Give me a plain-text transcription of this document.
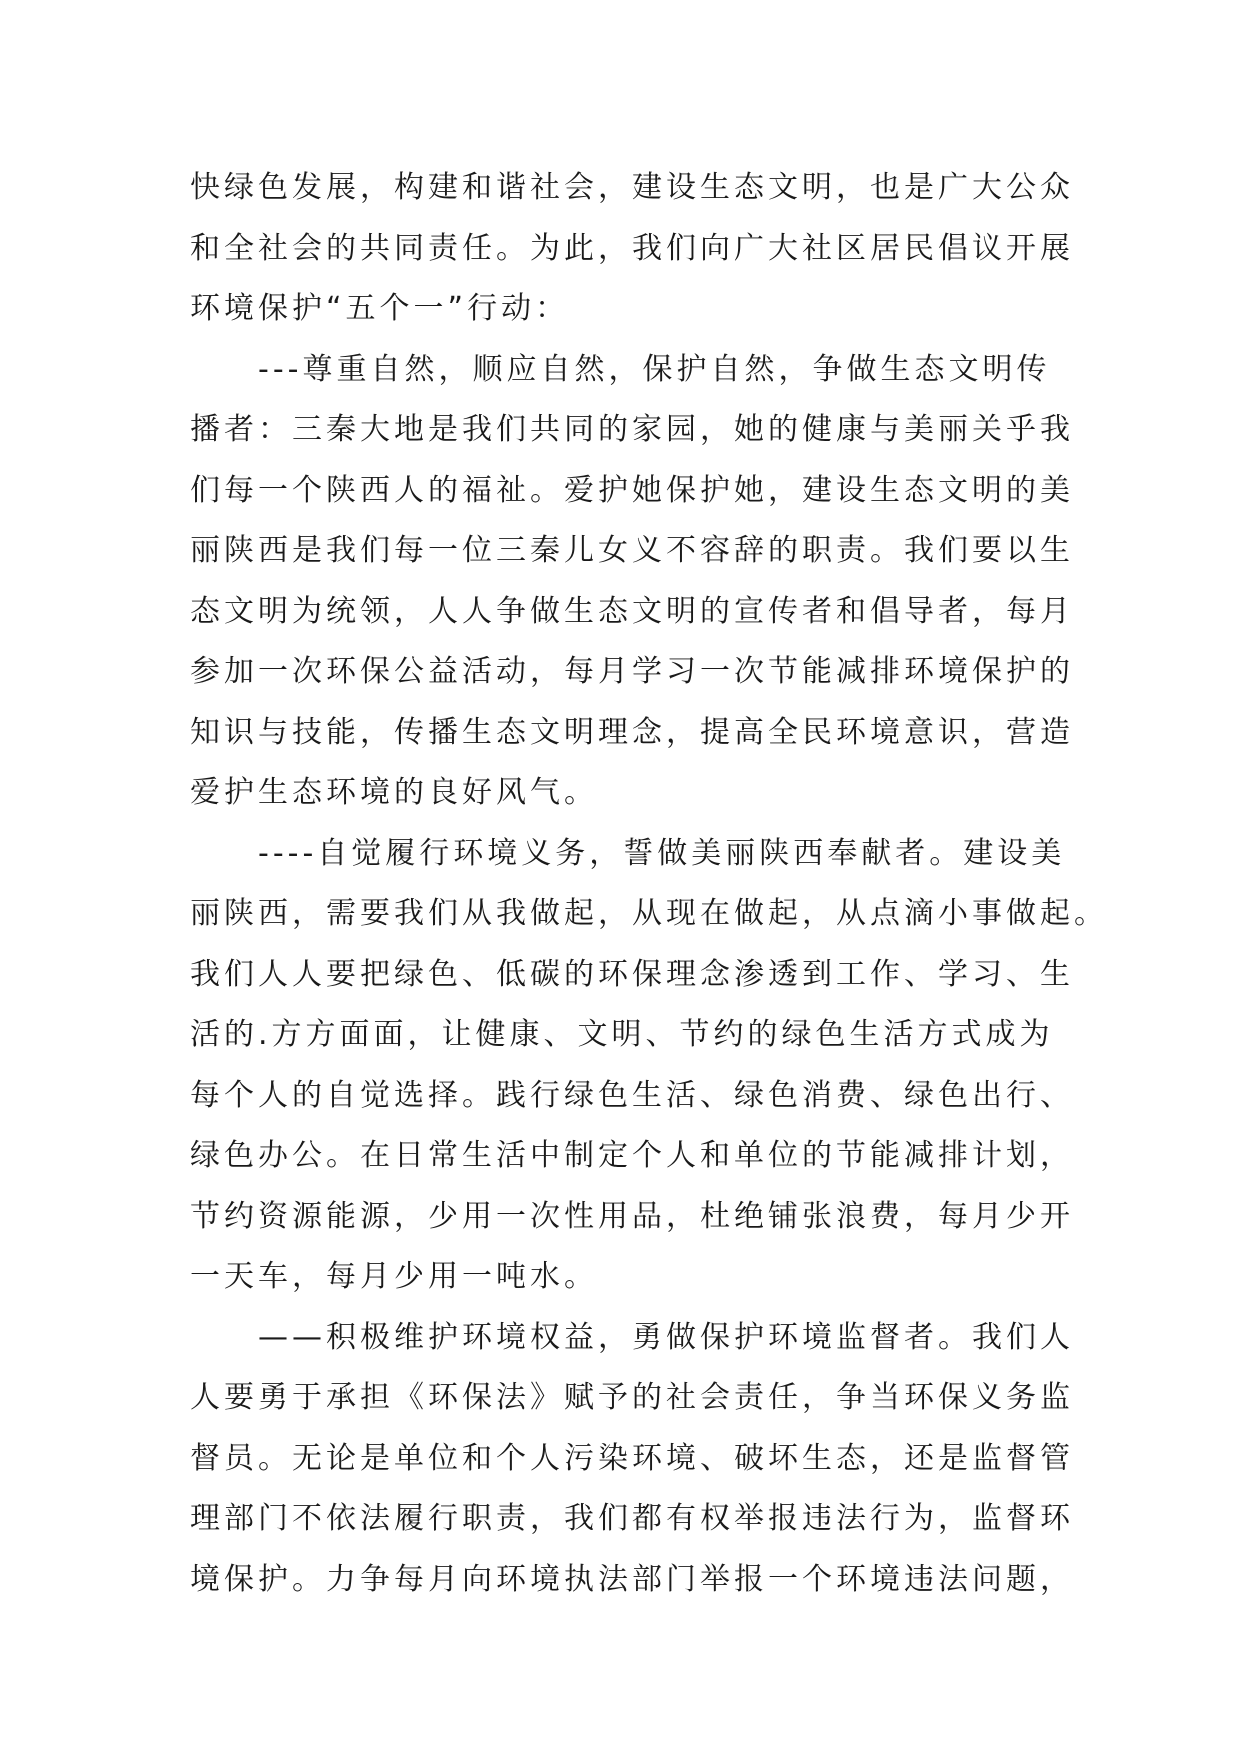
快绿色发展，构建和谐社会，建设生态文明，也是广大公众
和全社会的共同责任。为此，我们向广大社区居民倡议开展
环境保护“五个一”行动：
---尊重自然，顺应自然，保护自然，争做生态文明传
播者：三秦大地是我们共同的家园，她的健康与美丽关乎我
们每一个陕西人的福祉。爱护她保护她，建设生态文明的美
丽陕西是我们每一位三秦儿女义不容辞的职责。我们要以生
态文明为统领，人人争做生态文明的宣传者和倡导者，每月
参加一次环保公益活动，每月学习一次节能减排环境保护的
知识与技能，传播生态文明理念，提高全民环境意识，营造
爱护生态环境的良好风气。
----自觉履行环境义务，誓做美丽陕西奉献者。建设美
丽陕西，需要我们从我做起，从现在做起，从点滴小事做起。
我们人人要把绿色、低碳的环保理念渗透到工作、学习、生
活的.方方面面，让健康、文明、节约的绿色生活方式成为
每个人的自觉选择。践行绿色生活、绿色消费、绿色出行、
绿色办公。在日常生活中制定个人和单位的节能减排计划，
节约资源能源，少用一次性用品，杜绝铺张浪费，每月少开
一天车，每月少用一吨水。
——积极维护环境权益，勇做保护环境监督者。我们人
人要勇于承担《环保法》赋予的社会责任，争当环保义务监
督员。无论是单位和个人污染环境、破坏生态，还是监督管
理部门不依法履行职责，我们都有权举报违法行为，监督环
境保护。力争每月向环境执法部门举报一个环境违法问题，
